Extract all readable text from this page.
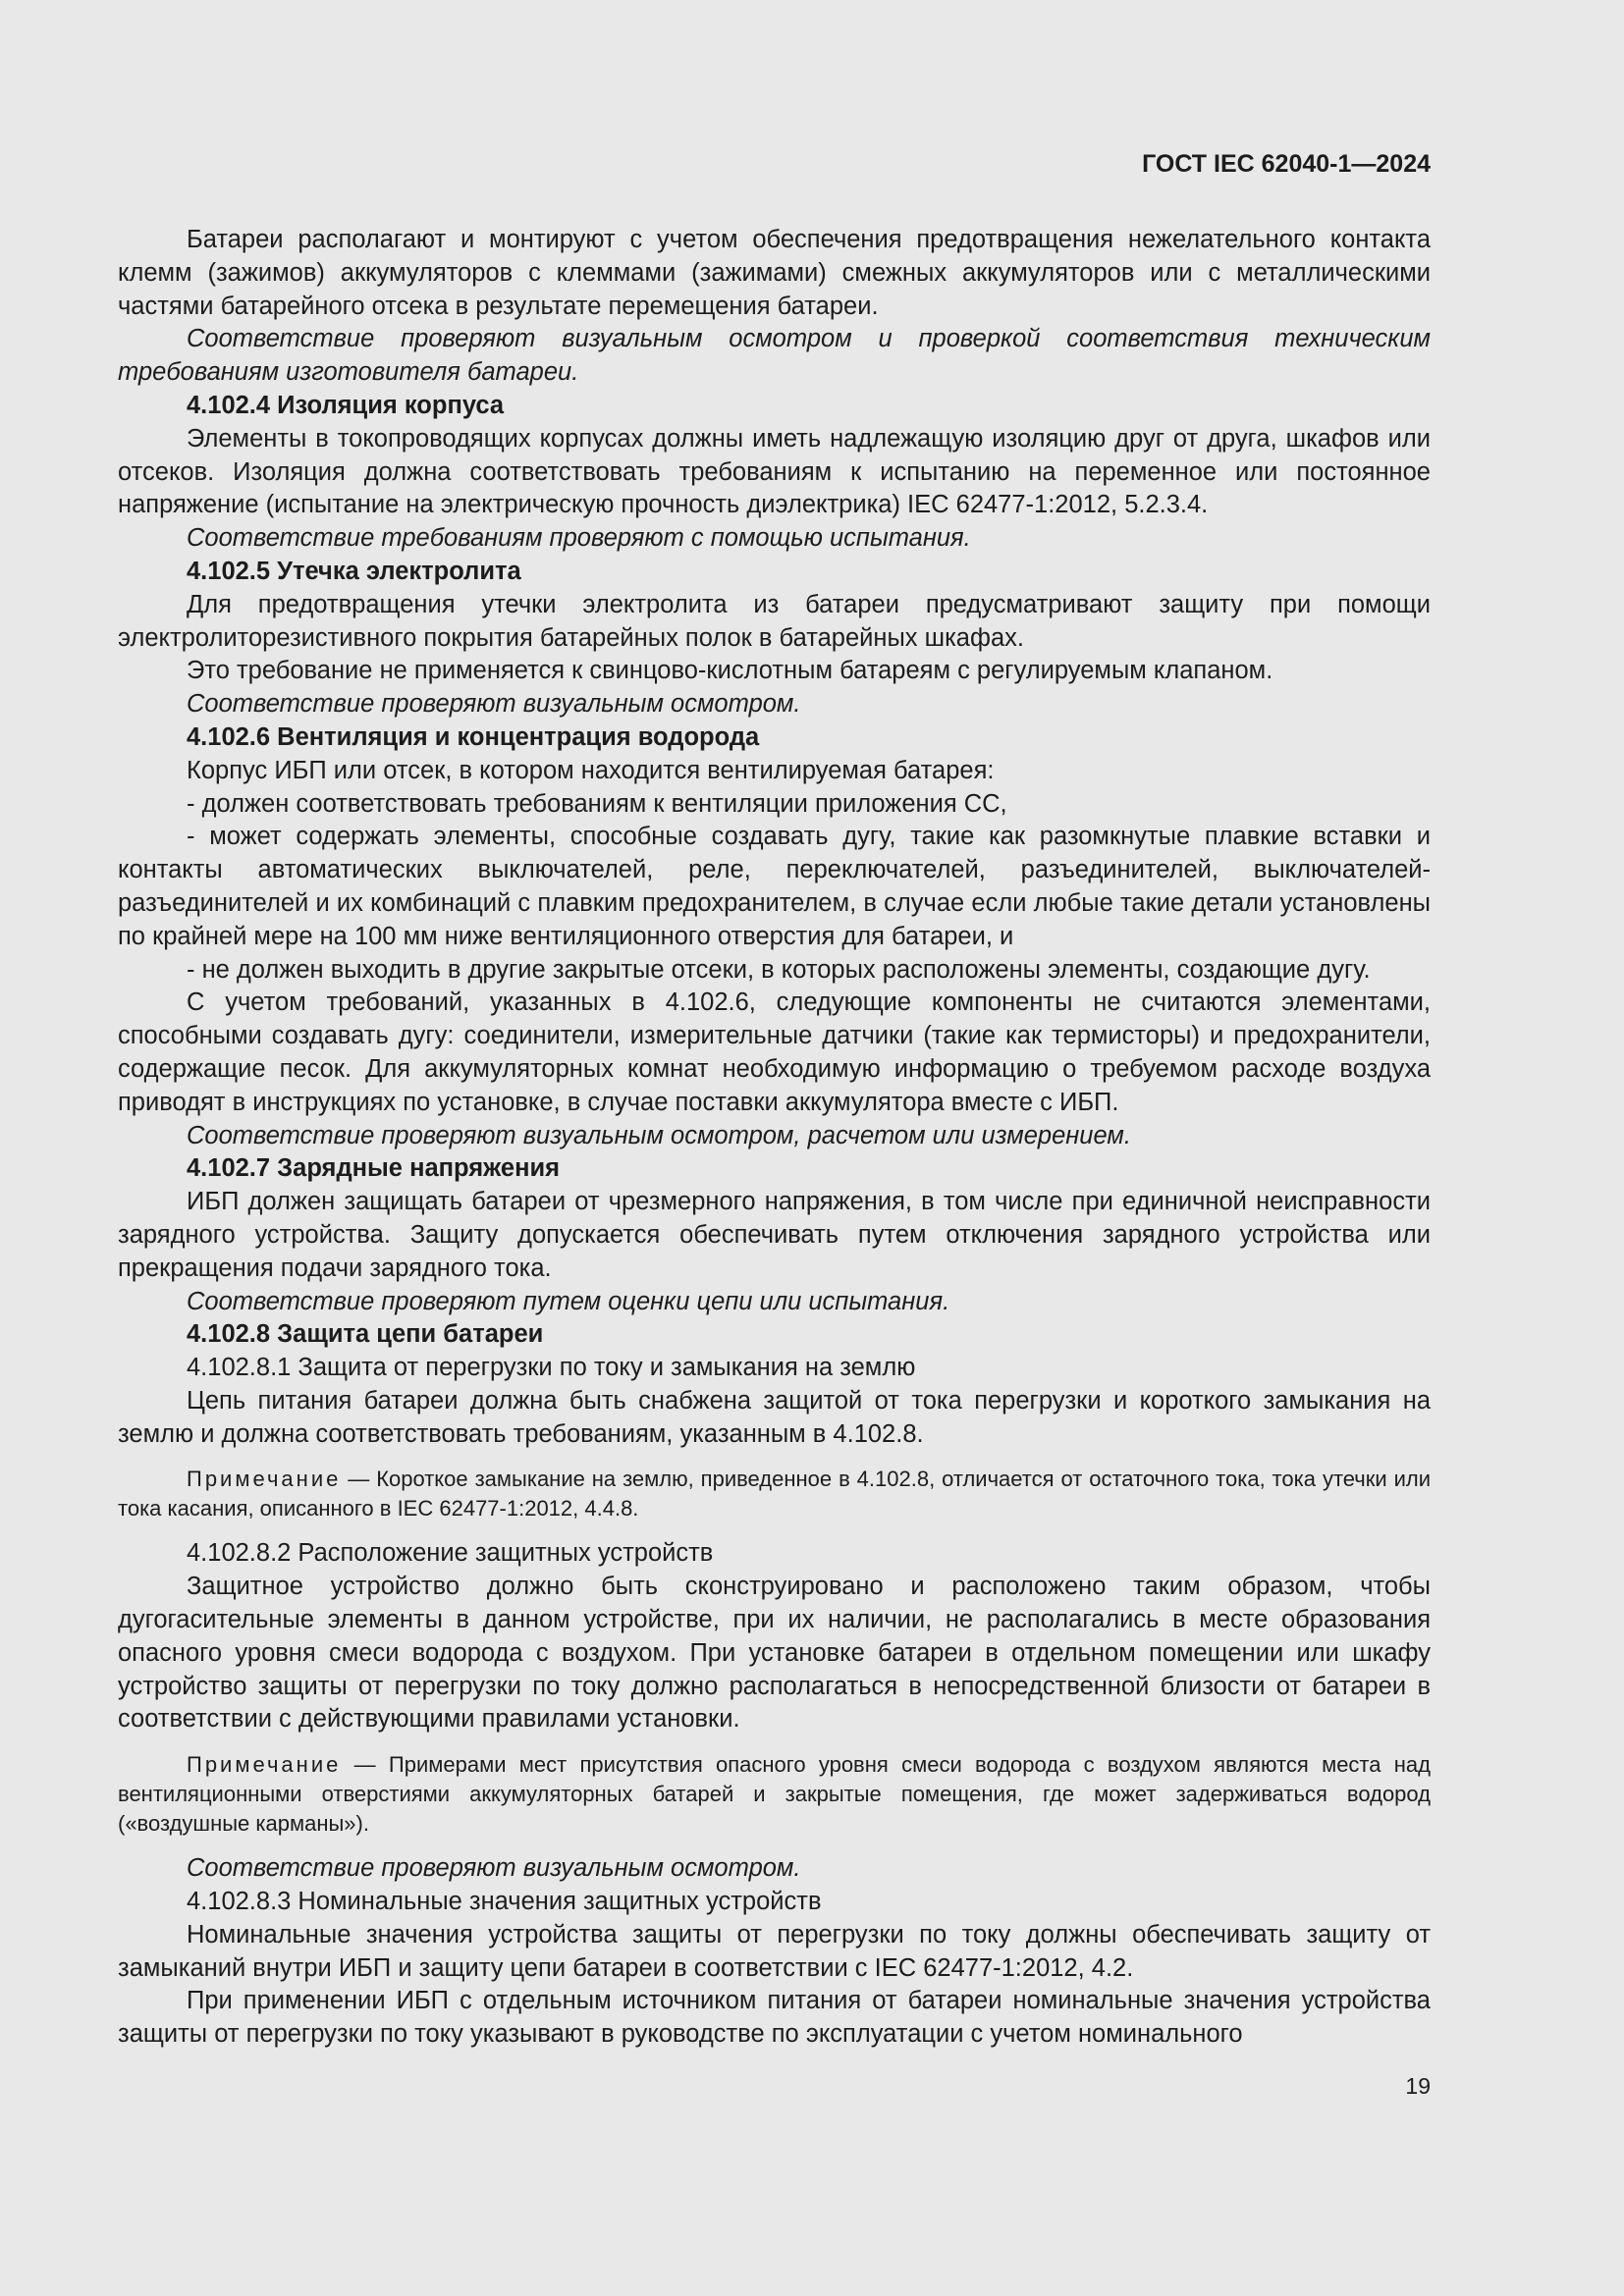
ГОСТ IEC 62040-1—2024

Батареи располагают и монтируют с учетом обеспечения предотвращения нежелательного контакта клемм (зажимов) аккумуляторов с клеммами (зажимами) смежных аккумуляторов или с металлическими частями батарейного отсека в результате перемещения батареи.

Соответствие проверяют визуальным осмотром и проверкой соответствия техническим требованиям изготовителя батареи.

4.102.4 Изоляция корпуса

Элементы в токопроводящих корпусах должны иметь надлежащую изоляцию друг от друга, шкафов или отсеков. Изоляция должна соответствовать требованиям к испытанию на переменное или постоянное напряжение (испытание на электрическую прочность диэлектрика) IEC 62477-1:2012, 5.2.3.4.

Соответствие требованиям проверяют с помощью испытания.

4.102.5 Утечка электролита

Для предотвращения утечки электролита из батареи предусматривают защиту при помощи электролиторезистивного покрытия батарейных полок в батарейных шкафах.

Это требование не применяется к свинцово-кислотным батареям с регулируемым клапаном.

Соответствие проверяют визуальным осмотром.

4.102.6 Вентиляция и концентрация водорода

Корпус ИБП или отсек, в котором находится вентилируемая батарея:

- должен соответствовать требованиям к вентиляции приложения СС,

- может содержать элементы, способные создавать дугу, такие как разомкнутые плавкие вставки и контакты автоматических выключателей, реле, переключателей, разъединителей, выключателей-разъединителей и их комбинаций с плавким предохранителем, в случае если любые такие детали установлены по крайней мере на 100 мм ниже вентиляционного отверстия для батареи, и

- не должен выходить в другие закрытые отсеки, в которых расположены элементы, создающие дугу.

С учетом требований, указанных в 4.102.6, следующие компоненты не считаются элементами, способными создавать дугу: соединители, измерительные датчики (такие как термисторы) и предохранители, содержащие песок. Для аккумуляторных комнат необходимую информацию о требуемом расходе воздуха приводят в инструкциях по установке, в случае поставки аккумулятора вместе с ИБП.

Соответствие проверяют визуальным осмотром, расчетом или измерением.

4.102.7 Зарядные напряжения

ИБП должен защищать батареи от чрезмерного напряжения, в том числе при единичной неисправности зарядного устройства. Защиту допускается обеспечивать путем отключения зарядного устройства или прекращения подачи зарядного тока.

Соответствие проверяют путем оценки цепи или испытания.

4.102.8 Защита цепи батареи

4.102.8.1 Защита от перегрузки по току и замыкания на землю

Цепь питания батареи должна быть снабжена защитой от тока перегрузки и короткого замыкания на землю и должна соответствовать требованиям, указанным в 4.102.8.

Примечание — Короткое замыкание на землю, приведенное в 4.102.8, отличается от остаточного тока, тока утечки или тока касания, описанного в IEC 62477-1:2012, 4.4.8.

4.102.8.2 Расположение защитных устройств

Защитное устройство должно быть сконструировано и расположено таким образом, чтобы дугогасительные элементы в данном устройстве, при их наличии, не располагались в месте образования опасного уровня смеси водорода с воздухом. При установке батареи в отдельном помещении или шкафу устройство защиты от перегрузки по току должно располагаться в непосредственной близости от батареи в соответствии с действующими правилами установки.

Примечание — Примерами мест присутствия опасного уровня смеси водорода с воздухом являются места над вентиляционными отверстиями аккумуляторных батарей и закрытые помещения, где может задерживаться водород («воздушные карманы»).

Соответствие проверяют визуальным осмотром.

4.102.8.3 Номинальные значения защитных устройств

Номинальные значения устройства защиты от перегрузки по току должны обеспечивать защиту от замыканий внутри ИБП и защиту цепи батареи в соответствии с IEC 62477-1:2012, 4.2.

При применении ИБП с отдельным источником питания от батареи номинальные значения устройства защиты от перегрузки по току указывают в руководстве по эксплуатации с учетом номинального

19
